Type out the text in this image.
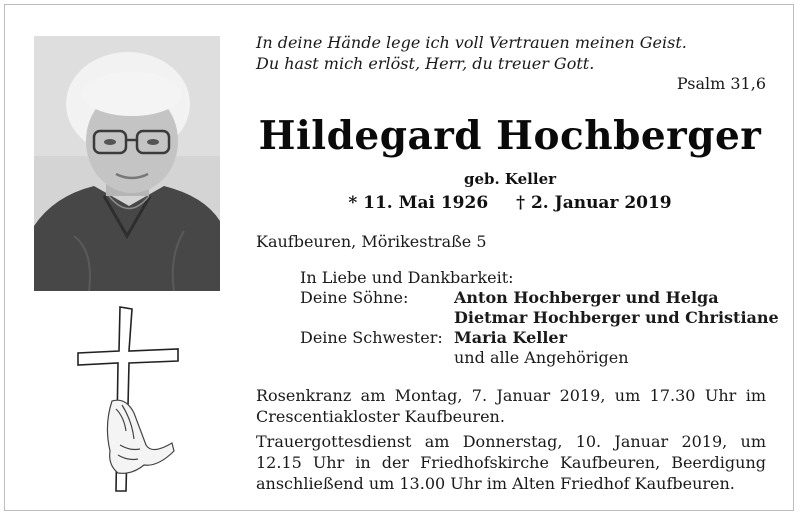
In deine Hände lege ich voll Vertrauen meinen Geist.
Du hast mich erlöst, Herr, du treuer Gott.
Psalm 31,6
Hildegard Hochberger
geb. Keller
* 11. Mai 1926 † 2. Januar 2019
Kaufbeuren, Mörikestraße 5
In Liebe und Dankbarkeit:
Deine Söhne:	Anton Hochberger und Helga
Dietmar Hochberger und Christiane
Deine Schwester: Maria Keller
und alle Angehörigen

Rosenkranz am Montag, 7. Januar 2019, um 17.30 Uhr im Crescentiakloster Kaufbeuren.

Trauergottesdienst am Donnerstag, 10. Januar 2019, um 12.15 Uhr in der Friedhofskirche Kaufbeuren, Beerdigung anschließend um 13.00 Uhr im Alten Friedhof Kaufbeuren.
